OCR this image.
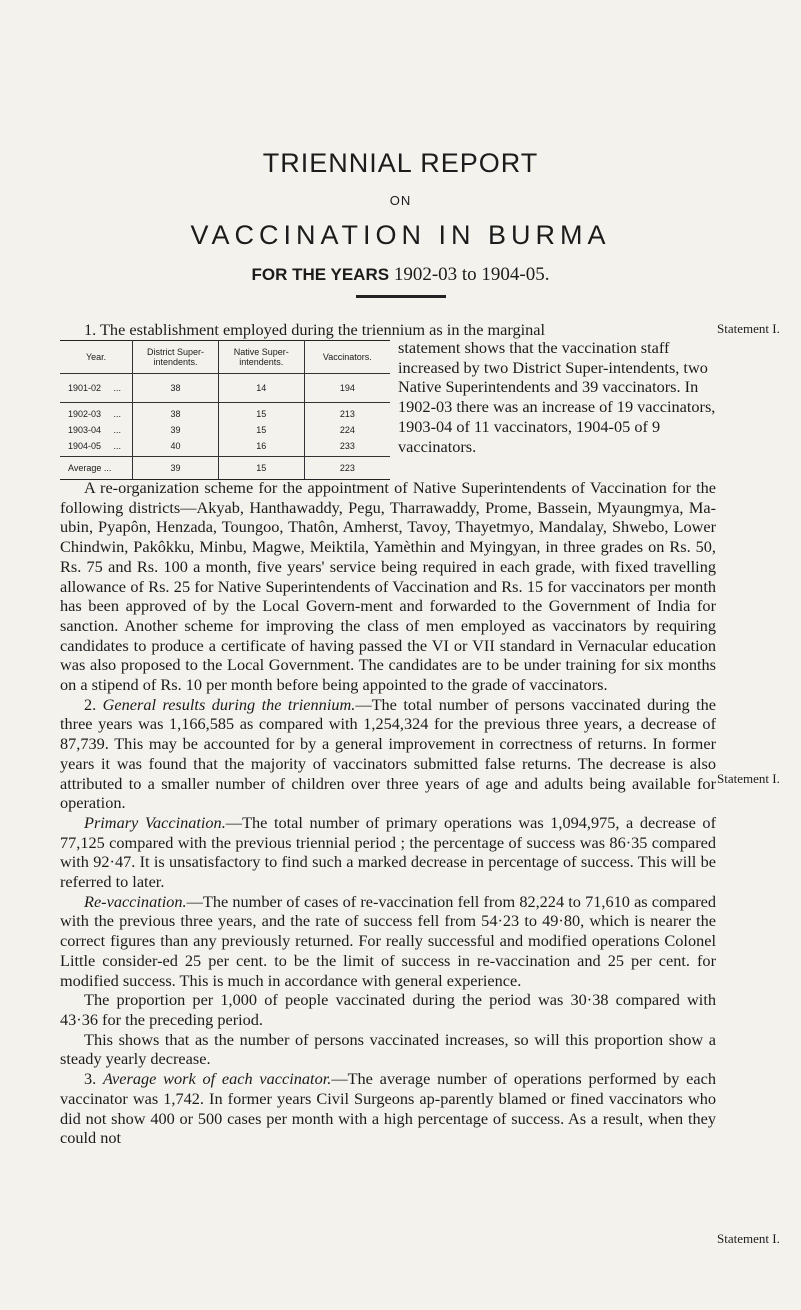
TRIENNIAL REPORT
ON
VACCINATION IN BURMA
FOR THE YEARS 1902-03 to 1904-05.
1. The establishment employed during the triennium as in the marginal	Statement I.
Year.	District Super-intendents.	Native Super-intendents.	Vaccinators.
1901-02 ...	38	14	194
1902-03 ...	38	15	213
1903-04 ...	39	15	224
1904-05 ...	40	16	233
Average ...	39	15	223
statement shows that the vaccination staff increased by two District Super-intendents, two Native Superintendents and 39 vaccinators. In 1902-03 there was an increase of 19 vaccinators, 1903-04 of 11 vaccinators, 1904-05 of 9 vaccinators.

A re-organization scheme for the appointment of Native Superintendents of Vaccination for the following districts—Akyab, Hanthawaddy, Pegu, Tharrawaddy, Prome, Bassein, Myaungmya, Ma-ubin, Pyapôn, Henzada, Toungoo, Thatôn, Amherst, Tavoy, Thayetmyo, Mandalay, Shwebo, Lower Chindwin, Pakôkku, Minbu, Magwe, Meiktila, Yamèthin and Myingyan, in three grades on Rs. 50, Rs. 75 and Rs. 100 a month, five years' service being required in each grade, with fixed travelling allowance of Rs. 25 for Native Superintendents of Vaccination and Rs. 15 for vaccinators per month has been approved of by the Local Govern-ment and forwarded to the Government of India for sanction. Another scheme for improving the class of men employed as vaccinators by requiring candidates to produce a certificate of having passed the VI or VII standard in Vernacular education was also proposed to the Local Government. The candidates are to be under training for six months on a stipend of Rs. 10 per month before being appointed to the grade of vaccinators.

2. General results during the triennium.—The total number of persons vaccinated during the three years was 1,166,585 as compared with 1,254,324 for the previous three years, a decrease of 87,739. This may be accounted for by a general improvement in correctness of returns. In former years it was found that the majority of vaccinators submitted false returns. The decrease is also attributed to a smaller number of children over three years of age and adults being available for operation.

Primary Vaccination.—The total number of primary operations was 1,094,975, a decrease of 77,125 compared with the previous triennial period ; the percentage of success was 86·35 compared with 92·47. It is unsatisfactory to find such a marked decrease in percentage of success. This will be referred to later.

Re-vaccination.—The number of cases of re-vaccination fell from 82,224 to 71,610 as compared with the previous three years, and the rate of success fell from 54·23 to 49·80, which is nearer the correct figures than any previously returned. For really successful and modified operations Colonel Little consider-ed 25 per cent. to be the limit of success in re-vaccination and 25 per cent. for modified success. This is much in accordance with general experience.

The proportion per 1,000 of people vaccinated during the period was 30·38 compared with 43·36 for the preceding period.

This shows that as the number of persons vaccinated increases, so will this proportion show a steady yearly decrease.

3. Average work of each vaccinator.—The average number of operations performed by each vaccinator was 1,742. In former years Civil Surgeons ap-parently blamed or fined vaccinators who did not show 400 or 500 cases per month with a high percentage of success. As a result, when they could not

Statement I.
Statement I.
